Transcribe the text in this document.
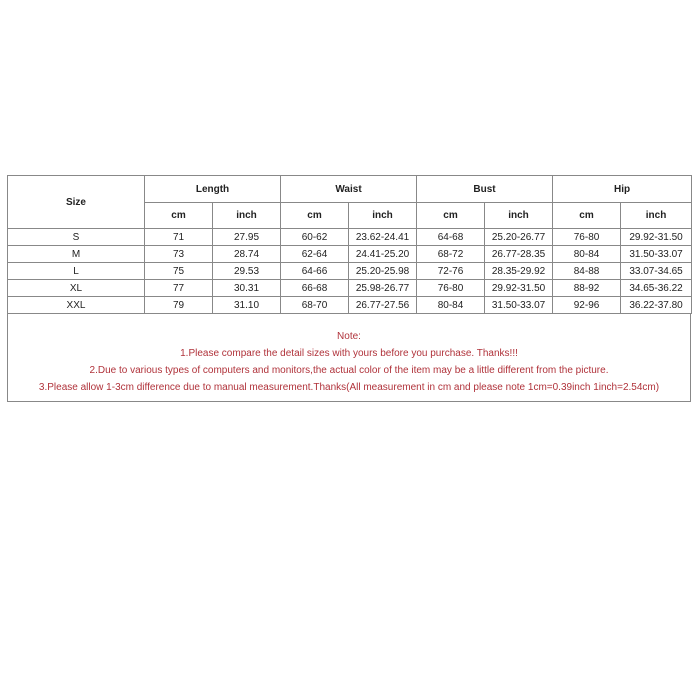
Size	Length		Waist		Bust		Hip	
	cm	inch	cm	inch	cm	inch	cm	inch
S	71	27.95	60-62	23.62-24.41	64-68	25.20-26.77	76-80	29.92-31.50
M	73	28.74	62-64	24.41-25.20	68-72	26.77-28.35	80-84	31.50-33.07
L	75	29.53	64-66	25.20-25.98	72-76	28.35-29.92	84-88	33.07-34.65
XL	77	30.31	66-68	25.98-26.77	76-80	29.92-31.50	88-92	34.65-36.22
XXL	79	31.10	68-70	26.77-27.56	80-84	31.50-33.07	92-96	36.22-37.80
Note:
1.Please compare the detail sizes with yours before you purchase. Thanks!!!
2.Due to various types of computers and monitors,the actual color of the item may be a little different from the picture.
3.Please allow 1-3cm difference due to manual measurement.Thanks(All measurement in cm and please note 1cm=0.39inch 1inch=2.54cm)
